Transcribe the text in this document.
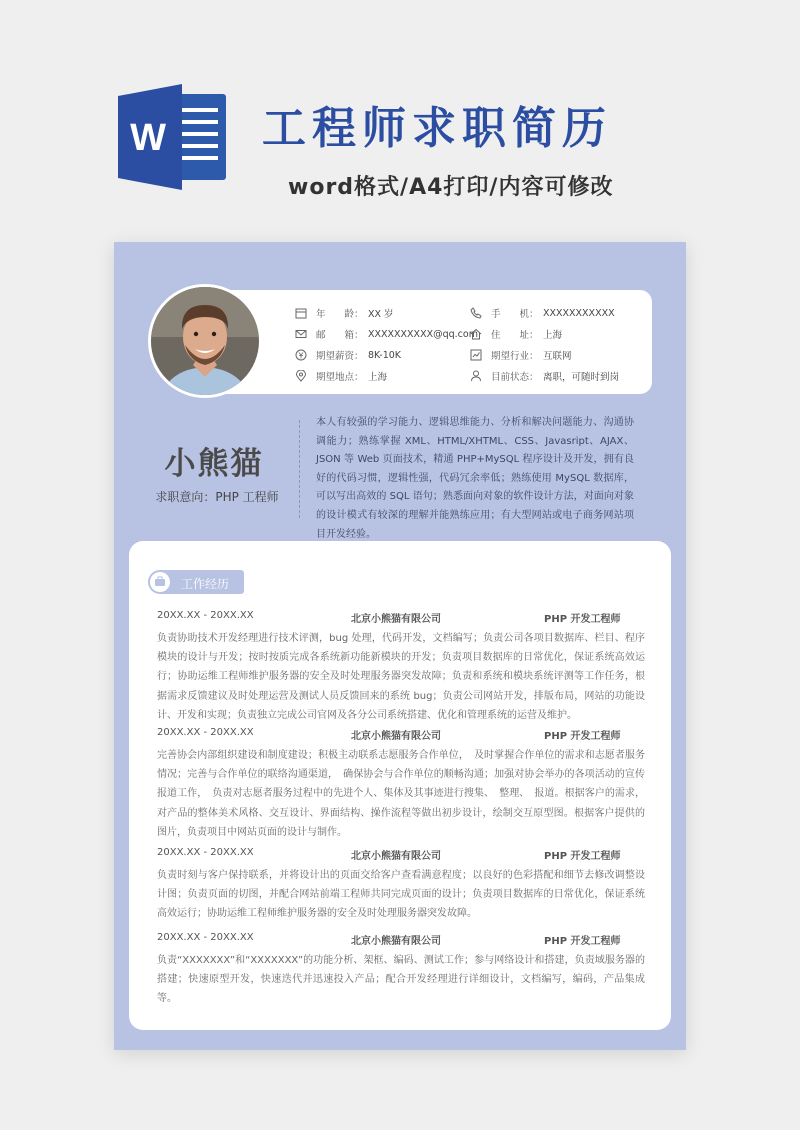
W 工程师求职简历
word格式/A4打印/内容可修改
年　　龄： XX 岁	手　　机： XXXXXXXXXXX
邮　　箱： XXXXXXXXXX@qq.com 住　　址： 上海
期望薪资： 8K-10K	期望行业： 互联网
期望地点： 上海	目前状态： 离职，可随时到岗
小熊猫
求职意向：PHP 工程师
本人有较强的学习能力、逻辑思维能力、分析和解决问题能力、沟通协调能力；熟练掌握 XML、HTML/XHTML、CSS、Javasript、AJAX、JSON 等 Web 页面技术，精通 PHP+MySQL 程序设计及开发，拥有良好的代码习惯，逻辑性强，代码冗余率低；熟练使用 MySQL 数据库，可以写出高效的 SQL 语句；熟悉面向对象的软件设计方法，对面向对象的设计模式有较深的理解并能熟练应用；有大型网站或电子商务网站项目开发经验。
工作经历
20XX.XX - 20XX.XX	北京小熊猫有限公司	PHP 开发工程师
负责协助技术开发经理进行技术评测，bug 处理，代码开发，文档编写；负责公司各项目数据库、栏目、程序模块的设计与开发；按时按质完成各系统新功能新模块的开发；负责项目数据库的日常优化，保证系统高效运行；协助运维工程师维护服务器的安全及时处理服务器突发故障；负责和系统和模块系统评测等工作任务，根据需求反馈建议及时处理运营及测试人员反馈回来的系统 bug；负责公司网站开发，排版布局，网站的功能设计、开发和实现；负责独立完成公司官网及各分公司系统搭建、优化和管理系统的运营及维护。
20XX.XX - 20XX.XX	北京小熊猫有限公司	PHP 开发工程师
完善协会内部组织建设和制度建设；积极主动联系志愿服务合作单位，　及时掌握合作单位的需求和志愿者服务情况；完善与合作单位的联络沟通渠道，　确保协会与合作单位的顺畅沟通；加强对协会举办的各项活动的宣传报道工作，　负责对志愿者服务过程中的先进个人、集体及其事迹进行搜集、　整理、　报道。根据客户的需求，对产品的整体美术风格、交互设计、界面结构、操作流程等做出初步设计，绘制交互原型图。根据客户提供的图片，负责项目中网站页面的设计与制作。
20XX.XX - 20XX.XX	北京小熊猫有限公司	PHP 开发工程师
负责时刻与客户保持联系，并将设计出的页面交给客户查看满意程度；以良好的色彩搭配和细节去修改调整设计图；负责页面的切图，并配合网站前端工程师共同完成页面的设计；负责项目数据库的日常优化，保证系统高效运行；协助运维工程师维护服务器的安全及时处理服务器突发故障。
20XX.XX - 20XX.XX	北京小熊猫有限公司	PHP 开发工程师
负责“XXXXXXX”和“XXXXXXX”的功能分析、架框、编码、测试工作；参与网络设计和搭建，负责域服务器的搭建；快速原型开发，快速迭代并迅速投入产品；配合开发经理进行详细设计，文档编写，编码，产品集成等。
